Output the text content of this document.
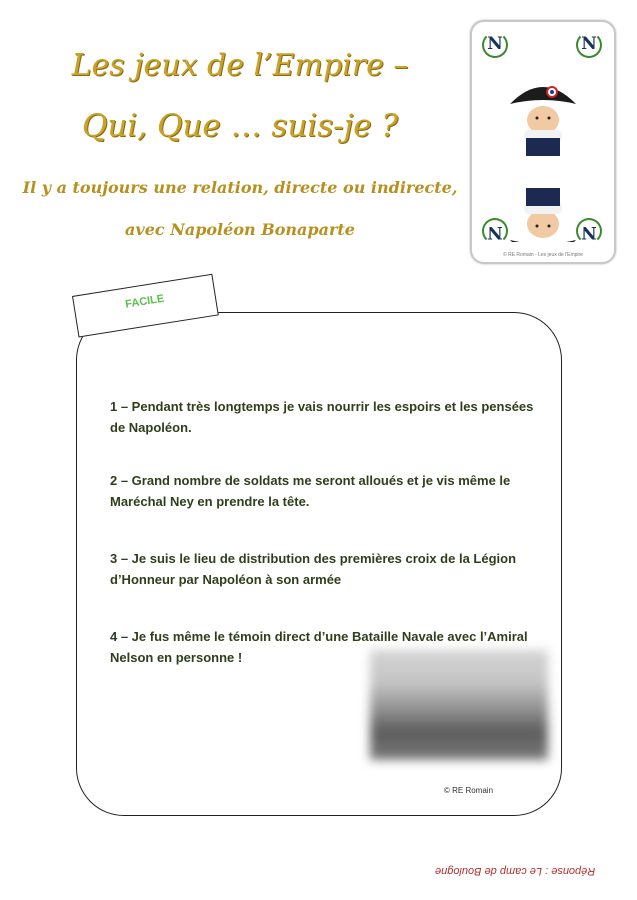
Les jeux de l’Empire –
Qui, Que … suis-je ?
Il y a toujours une relation, directe ou indirecte,
avec Napoléon Bonaparte
N	N
N	N
© RE Romain - Les jeux de l'Empire
FACILE
1 – Pendant très longtemps je vais nourrir les espoirs et les pensées de Napoléon.
2 – Grand nombre de soldats me seront alloués et je vis même le Maréchal Ney en prendre la tête.
3 – Je suis le lieu de distribution des premières croix de la Légion d’Honneur par Napoléon à son armée
4 – Je fus même le témoin direct d’une Bataille Navale avec l’Amiral Nelson en personne !
© RE Romain
Réponse : Le camp de Boulogne
